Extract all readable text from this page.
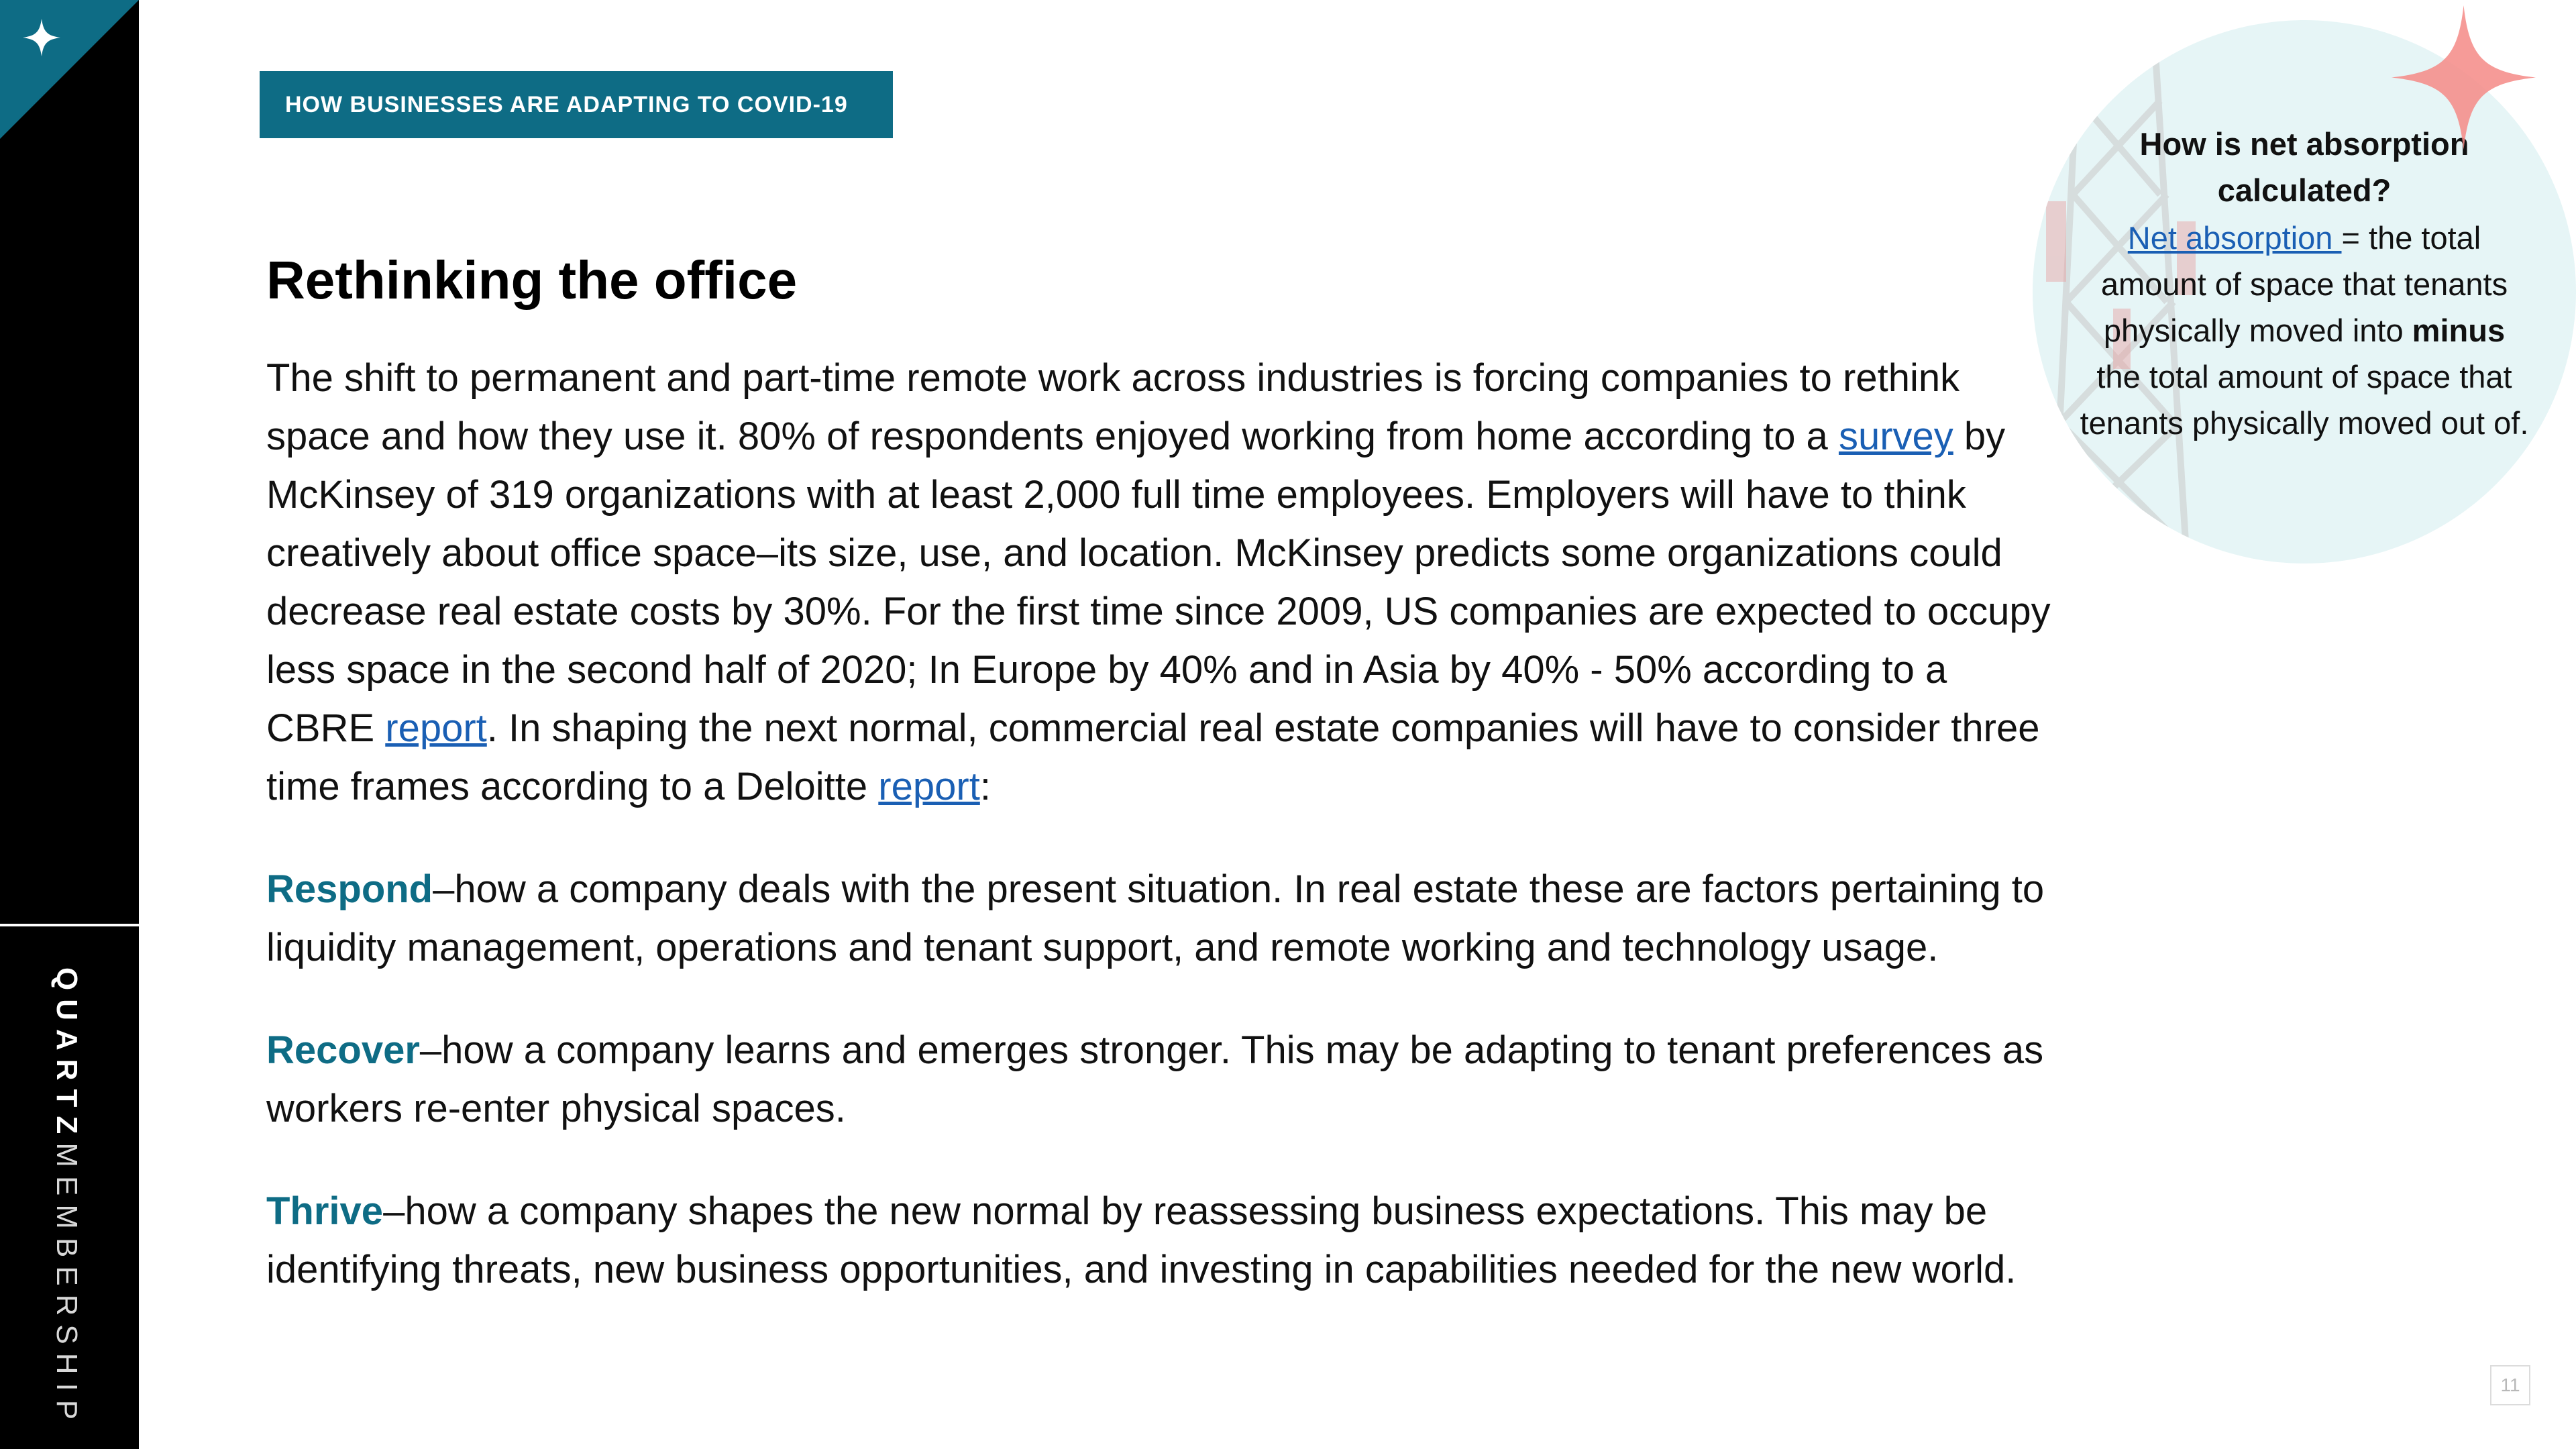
QUARTZMEMBERSHIP
HOW BUSINESSES ARE ADAPTING TO COVID-19
Rethinking the office

The shift to permanent and part-time remote work across industries is forcing companies to rethink space and how they use it. 80% of respondents enjoyed working from home according to a survey by McKinsey of 319 organizations with at least 2,000 full time employees. Employers will have to think creatively about office space–its size, use, and location. McKinsey predicts some organizations could decrease real estate costs by 30%. For the first time since 2009, US companies are expected to occupy less space in the second half of 2020; In Europe by 40% and in Asia by 40% - 50% according to a CBRE report. In shaping the next normal, commercial real estate companies will have to consider three time frames according to a Deloitte report:

Respond–how a company deals with the present situation. In real estate these are factors pertaining to liquidity management, operations and tenant support, and remote working and technology usage.

Recover–how a company learns and emerges stronger. This may be adapting to tenant preferences as workers re-enter physical spaces.

Thrive–how a company shapes the new normal by reassessing business expectations. This may be identifying threats, new business opportunities, and investing in capabilities needed for the new world.

How is net absorption calculated?

Net absorption = the total amount of space that tenants physically moved into minus the total amount of space that tenants physically moved out of.

11
